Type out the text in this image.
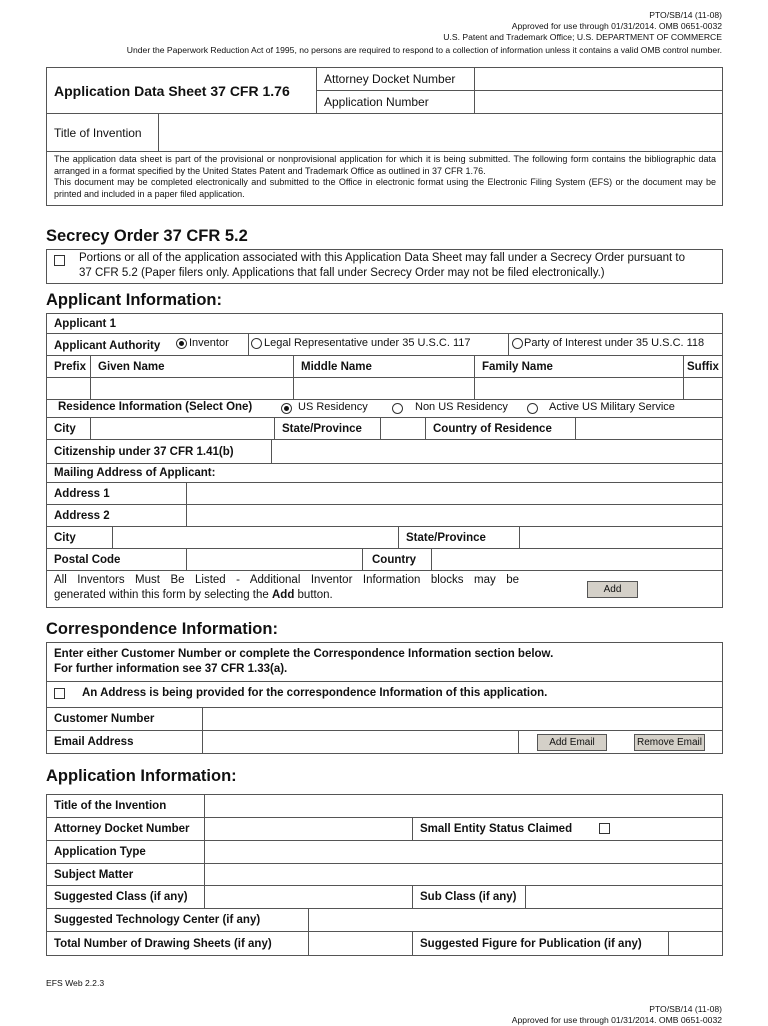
PTO/SB/14 (11-08)
Approved for use through 01/31/2014. OMB 0651-0032
U.S. Patent and Trademark Office; U.S. DEPARTMENT OF COMMERCE
Under the Paperwork Reduction Act of 1995, no persons are required to respond to a collection of information unless it contains a valid OMB control number.
Application Data Sheet 37 CFR 1.76
Attorney Docket Number
Application Number
Title of Invention
The application data sheet is part of the provisional or nonprovisional application for which it is being submitted. The following form contains the bibliographic data arranged in a format specified by the United States Patent and Trademark Office as outlined in 37 CFR 1.76.
This document may be completed electronically and submitted to the Office in electronic format using the Electronic Filing System (EFS) or the document may be printed and included in a paper filed application.
Secrecy Order 37 CFR 5.2
Portions or all of the application associated with this Application Data Sheet may fall under a Secrecy Order pursuant to
37 CFR 5.2 (Paper filers only. Applications that fall under Secrecy Order may not be filed electronically.)
Applicant Information:
Applicant 1
Applicant Authority	Inventor	Legal Representative under 35 U.S.C. 117	Party of Interest under 35 U.S.C. 118
Prefix	Given Name	Middle Name	Family Name	Suffix
Residence Information (Select One)	US Residency	Non US Residency	Active US Military Service
City	State/Province	Country of Residence
Citizenship under 37 CFR 1.41(b)
Mailing Address of Applicant:
Address 1
Address 2
City	State/Province
Postal Code	Country
All Inventors Must Be Listed - Additional Inventor Information blocks may be
generated within this form by selecting the Add button.	Add
Correspondence Information:
Enter either Customer Number or complete the Correspondence Information section below.
For further information see 37 CFR 1.33(a).
An Address is being provided for the correspondence Information of this application.
Customer Number
Email Address	Add Email	Remove Email
Application Information:
Title of the Invention
Attorney Docket Number	Small Entity Status Claimed
Application Type
Subject Matter
Suggested Class (if any)	Sub Class (if any)
Suggested Technology Center (if any)
Total Number of Drawing Sheets (if any)	Suggested Figure for Publication (if any)
EFS Web 2.2.3
PTO/SB/14 (11-08)
Approved for use through 01/31/2014. OMB 0651-0032
